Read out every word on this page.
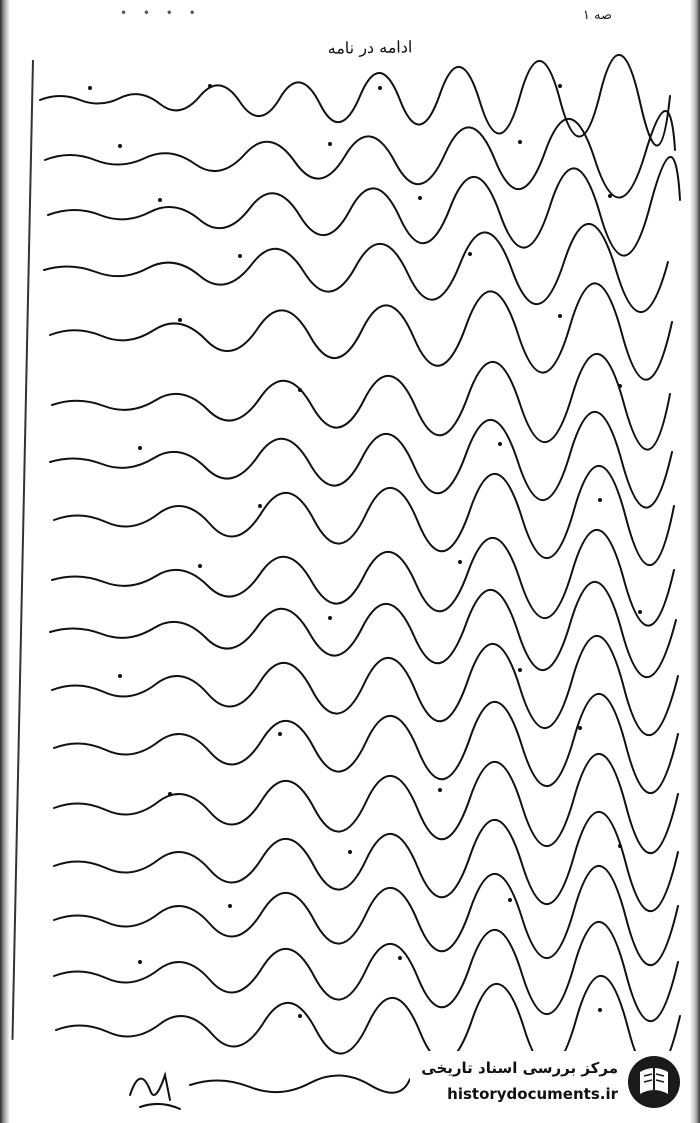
• • • •	صه ۱
ادامه در نامه
مرکز بررسی اسناد تاریخی
historydocuments.ir
